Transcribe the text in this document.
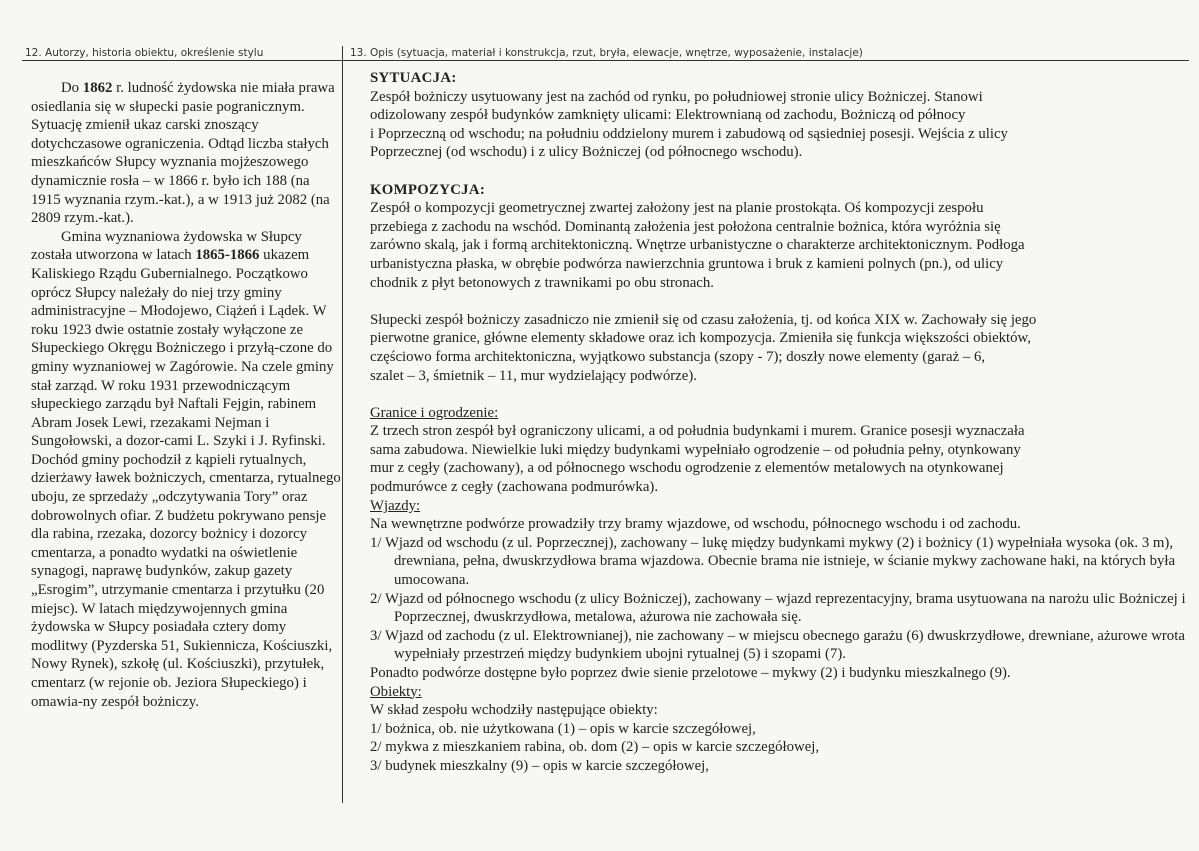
12. Autorzy, historia obiektu, określenie stylu	13. Opis (sytuacja, materiał i konstrukcja, rzut, bryła, elewacje, wnętrze, wyposażenie, instalacje)

Do 1862 r. ludność żydowska nie miała prawa osiedlania się w słupecki pasie pogranicznym. Sytuację zmienił ukaz carski znoszący dotychczasowe ograniczenia. Odtąd liczba stałych mieszkańców Słupcy wyznania mojżeszowego dynamicznie rosła – w 1866 r. było ich 188 (na 1915 wyznania rzym.-kat.), a w 1913 już 2082 (na 2809 rzym.-kat.).

Gmina wyznaniowa żydowska w Słupcy została utworzona w latach 1865-1866 ukazem Kaliskiego Rządu Gubernialnego. Początkowo oprócz Słupcy należały do niej trzy gminy administracyjne – Młodojewo, Ciążeń i Lądek. W roku 1923 dwie ostatnie zostały wyłączone ze Słupeckiego Okręgu Bożniczego i przyłą-czone do gminy wyznaniowej w Zagórowie. Na czele gminy stał zarząd. W roku 1931 przewodniczącym słupeckiego zarządu był Naftali Fejgin, rabinem Abram Josek Lewi, rzezakami Nejman i Sungołowski, a dozor-cami L. Szyki i J. Ryfinski. Dochód gminy pochodził z kąpieli rytualnych, dzierżawy ławek bożniczych, cmentarza, rytualnego uboju, ze sprzedaży „odczytywania Tory” oraz dobrowolnych ofiar. Z budżetu pokrywano pensje dla rabina, rzezaka, dozorcy bożnicy i dozorcy cmentarza, a ponadto wydatki na oświetlenie synagogi, naprawę budynków, zakup gazety „Esrogim”, utrzymanie cmentarza i przytułku (20 miejsc). W latach międzywojennych gmina żydowska w Słupcy posiadała cztery domy modlitwy (Pyzderska 51, Sukiennicza, Kościuszki, Nowy Rynek), szkołę (ul. Kościuszki), przytułek, cmentarz (w rejonie ob. Jeziora Słupeckiego) i omawia-ny zespół bożniczy.

SYTUACJA:

Zespół bożniczy usytuowany jest na zachód od rynku, po południowej stronie ulicy Bożniczej. Stanowi

odizolowany zespół budynków zamknięty ulicami: Elektrownianą od zachodu, Bożniczą od północy

i Poprzeczną od wschodu; na południu oddzielony murem i zabudową od sąsiedniej posesji. Wejścia z ulicy

Poprzecznej (od wschodu) i z ulicy Bożniczej (od północnego wschodu).

KOMPOZYCJA:

Zespół o kompozycji geometrycznej zwartej założony jest na planie prostokąta. Oś kompozycji zespołu

przebiega z zachodu na wschód. Dominantą założenia jest położona centralnie bożnica, która wyróżnia się

zarówno skalą, jak i formą architektoniczną. Wnętrze urbanistyczne o charakterze architektonicznym. Podłoga

urbanistyczna płaska, w obrębie podwórza nawierzchnia gruntowa i bruk z kamieni polnych (pn.), od ulicy

chodnik z płyt betonowych z trawnikami po obu stronach.

Słupecki zespół bożniczy zasadniczo nie zmienił się od czasu założenia, tj. od końca XIX w. Zachowały się jego

pierwotne granice, główne elementy składowe oraz ich kompozycja. Zmieniła się funkcja większości obiektów,

częściowo forma architektoniczna, wyjątkowo substancja (szopy - 7); doszły nowe elementy (garaż – 6,

szalet – 3, śmietnik – 11, mur wydzielający podwórze).

Granice i ogrodzenie:

Z trzech stron zespół był ograniczony ulicami, a od południa budynkami i murem. Granice posesji wyznaczała

sama zabudowa. Niewielkie luki między budynkami wypełniało ogrodzenie – od południa pełny, otynkowany

mur z cegły (zachowany), a od północnego wschodu ogrodzenie z elementów metalowych na otynkowanej

podmurówce z cegły (zachowana podmurówka).

Wjazdy:

Na wewnętrzne podwórze prowadziły trzy bramy wjazdowe, od wschodu, północnego wschodu i od zachodu.

1/ Wjazd od wschodu (z ul. Poprzecznej), zachowany – lukę między budynkami mykwy (2) i bożnicy (1) wypełniała wysoka (ok. 3 m), drewniana, pełna, dwuskrzydłowa brama wjazdowa. Obecnie brama nie istnieje, w ścianie mykwy zachowane haki, na których była umocowana.

2/ Wjazd od północnego wschodu (z ulicy Bożniczej), zachowany – wjazd reprezentacyjny, brama usytuowana na narożu ulic Bożniczej i Poprzecznej, dwuskrzydłowa, metalowa, ażurowa nie zachowała się.

3/ Wjazd od zachodu (z ul. Elektrownianej), nie zachowany – w miejscu obecnego garażu (6) dwuskrzydłowe, drewniane, ażurowe wrota wypełniały przestrzeń między budynkiem ubojni rytualnej (5) i szopami (7).

Ponadto podwórze dostępne było poprzez dwie sienie przelotowe – mykwy (2) i budynku mieszkalnego (9).

Obiekty:

W skład zespołu wchodziły następujące obiekty:

1/ bożnica, ob. nie użytkowana (1) – opis w karcie szczegółowej,

2/ mykwa z mieszkaniem rabina, ob. dom (2) – opis w karcie szczegółowej,

3/ budynek mieszkalny (9) – opis w karcie szczegółowej,
